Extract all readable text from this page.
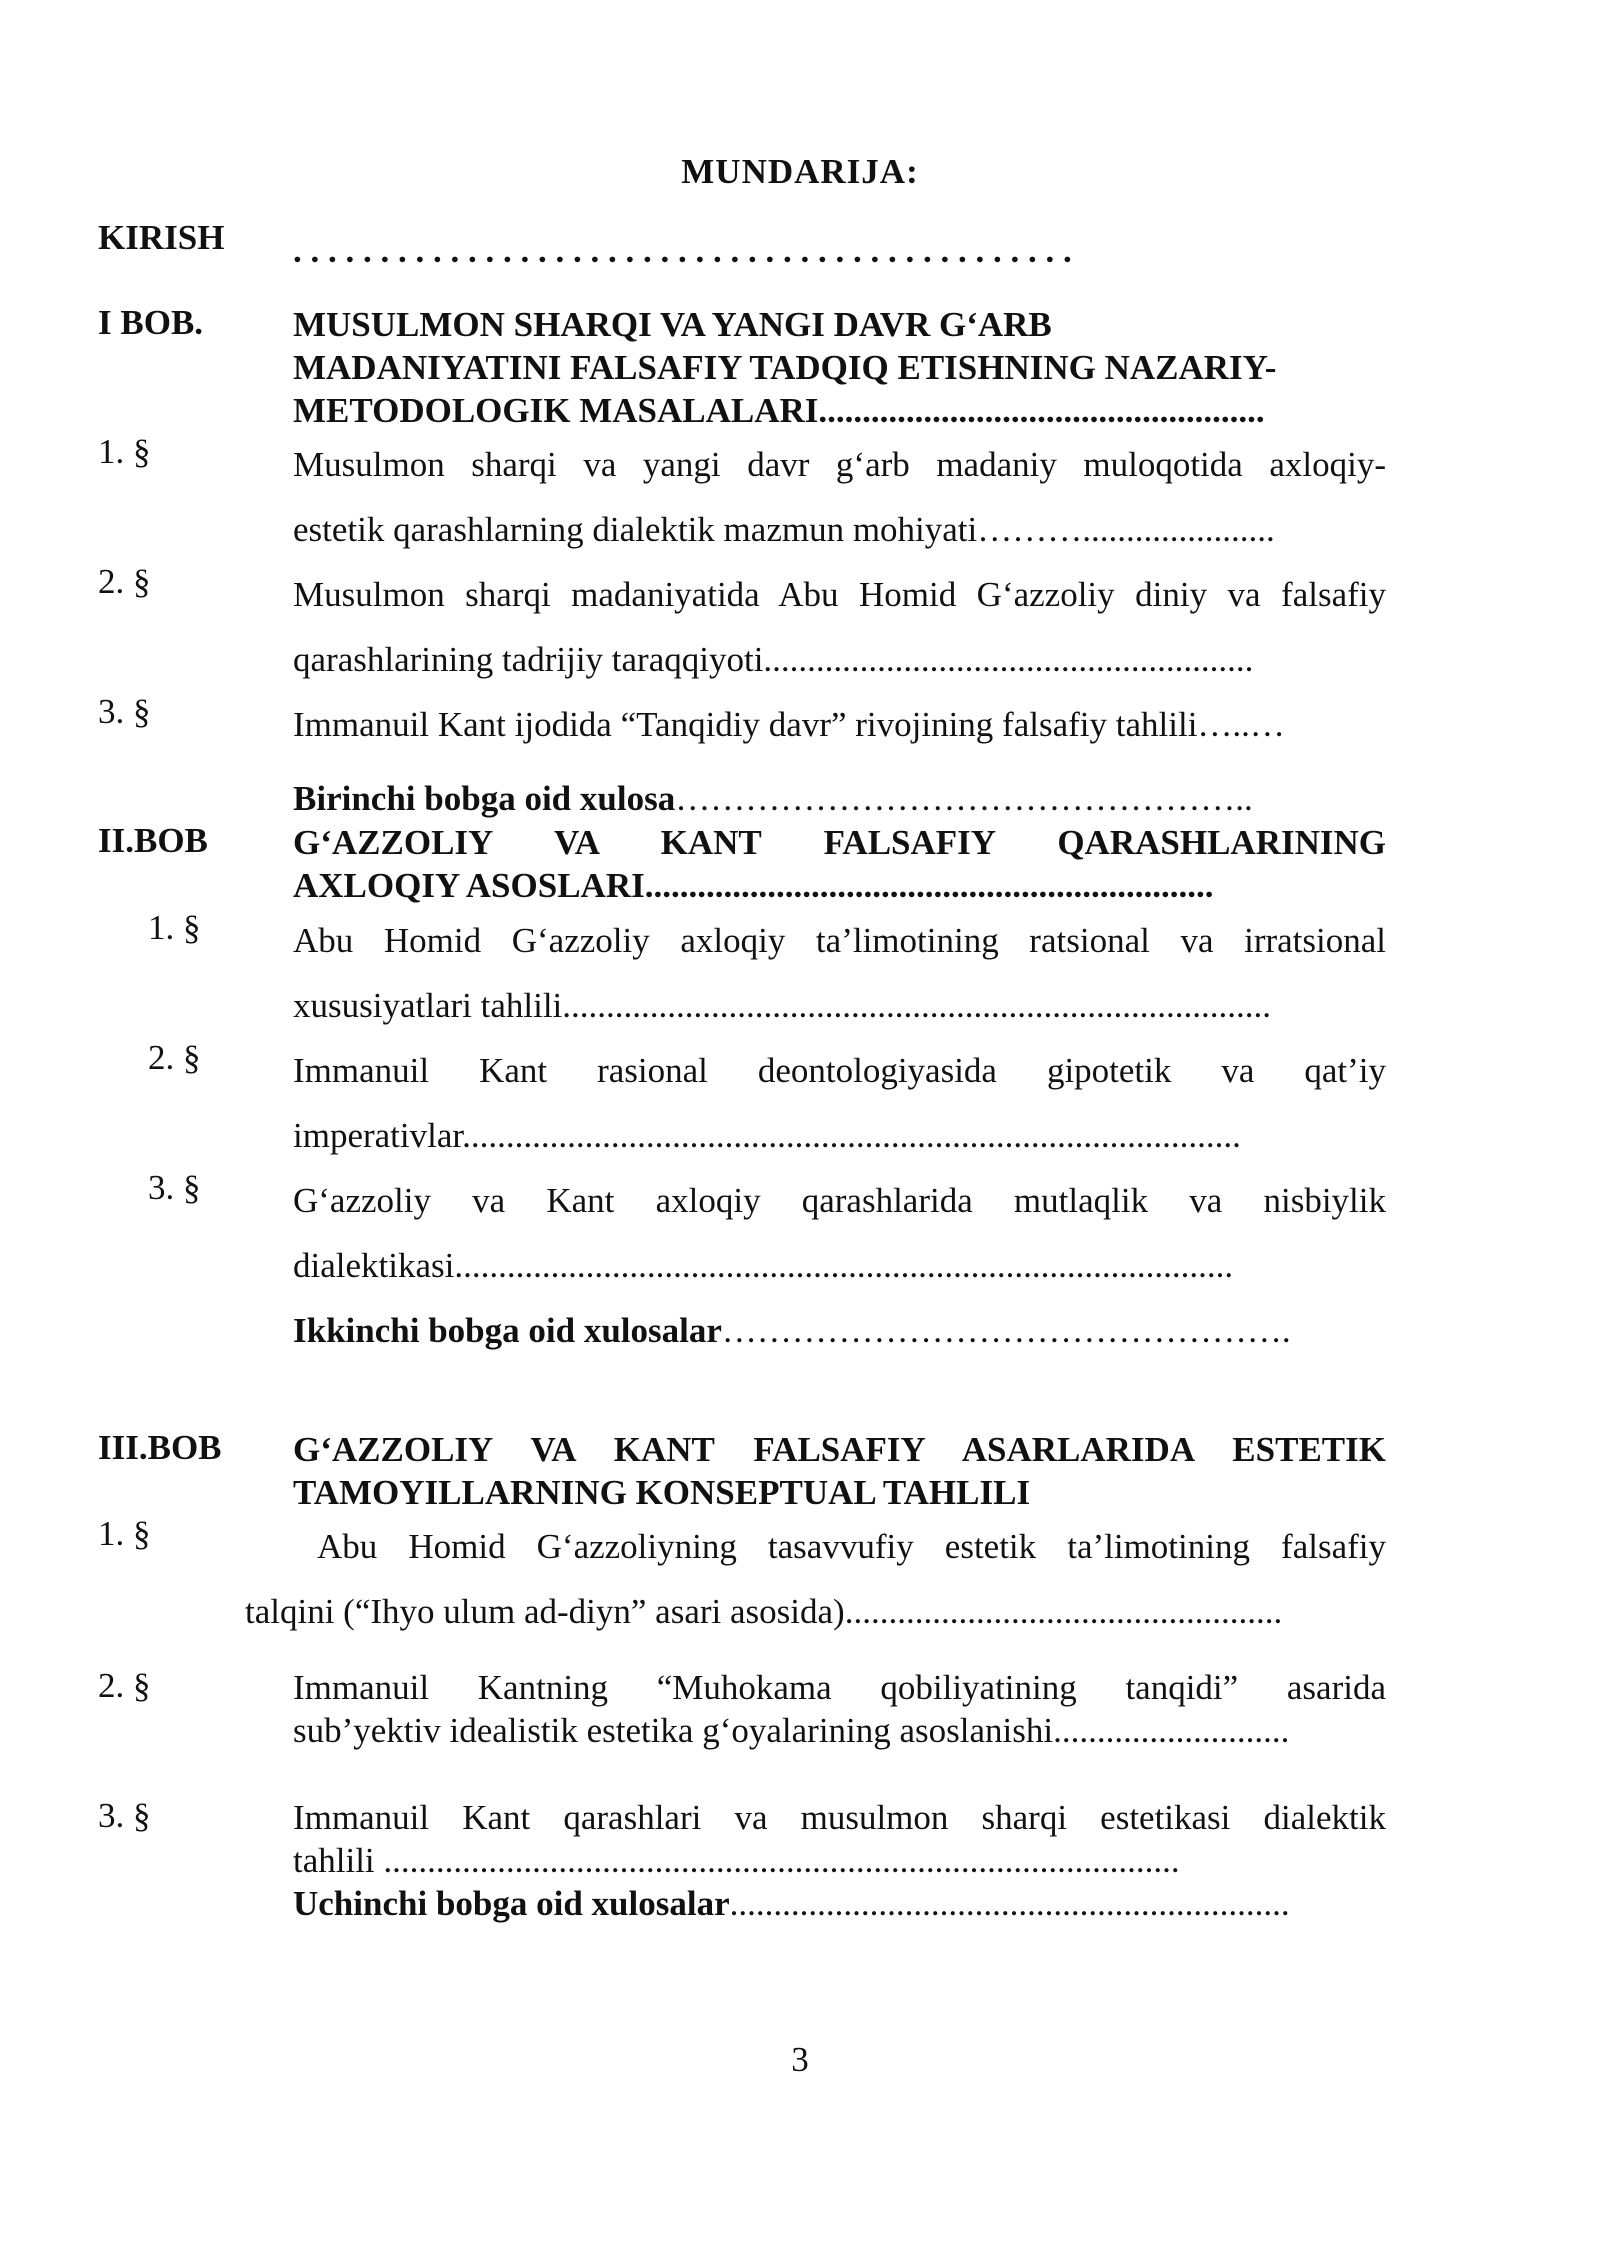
MUNDARIJA:
KIRISH . . . . . . . . . . . . . . . . . . . . . . . . . . . . . . . . . . . . . . . . . . . . .
I BOB.	MUSULMON SHARQI VA YANGI DAVR G‘ARB
MADANIYATINI FALSAFIY TADQIQ ETISHNING NAZARIY-
METODOLOGIK MASALALARI...................................................
1. §	Musulmon sharqi va yangi davr g‘arb madaniy muloqotida axloqiy-
estetik qarashlarning dialektik mazmun mohiyati………......................
2. §	Musulmon sharqi madaniyatida Abu Homid G‘azzoliy diniy va falsafiy
qarashlarining tadrijiy taraqqiyoti........................................................
3. §	Immanuil Kant ijodida “Tanqidiy davr” rivojining falsafiy tahlili…..…
Birinchi bobga oid xulosa…………………………………………..
II.BOB G‘AZZOLIY VA KANT FALSAFIY QARASHLARINING
AXLOQIY ASOSLARI.................................................................
1. §	Abu Homid G‘azzoliy axloqiy ta’limotining ratsional va irratsional
xususiyatlari tahlili.................................................................................
2. §	Immanuil Kant rasional deontologiyasida gipotetik va qat’iy
imperativlar.........................................................................................
3. §	G‘azzoliy va Kant axloqiy qarashlarida mutlaqlik va nisbiylik
dialektikasi.........................................................................................
Ikkinchi bobga oid xulosalar………………………………………….
III.BOB G‘AZZOLIY VA KANT FALSAFIY ASARLARIDA ESTETIK
TAMOYILLARNING KONSEPTUAL TAHLILI
1. §	Abu Homid G‘azzoliyning tasavvufiy estetik ta’limotining falsafiy
talqini (“Ihyo ulum ad-diyn” asari asosida)..................................................
2. §	Immanuil Kantning “Muhokama qobiliyatining tanqidi” asarida
sub’yektiv idealistik estetika g‘oyalarining asoslanishi...........................
3. §	Immanuil Kant qarashlari va musulmon sharqi estetikasi dialektik
tahlili ...........................................................................................
Uchinchi bobga oid xulosalar................................................................
3
